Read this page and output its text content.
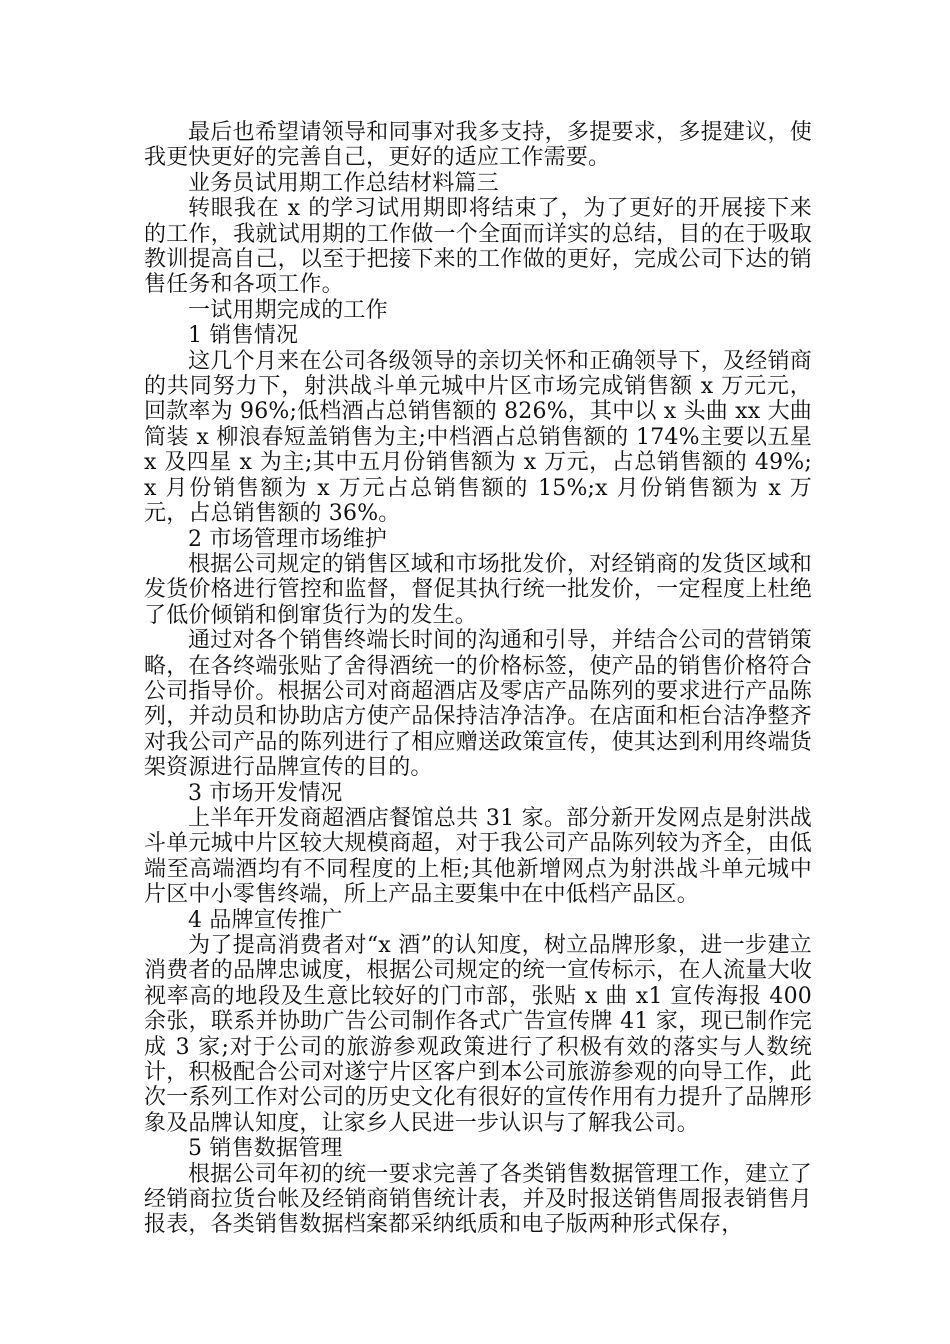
最后也希望请领导和同事对我多支持，多提要求，多提建议，使我更快更好的完善自己，更好的适应工作需要。

业务员试用期工作总结材料篇三

转眼我在 x 的学习试用期即将结束了，为了更好的开展接下来的工作，我就试用期的工作做一个全面而详实的总结，目的在于吸取教训提高自己，以至于把接下来的工作做的更好，完成公司下达的销售任务和各项工作。

一试用期完成的工作

1 销售情况

这几个月来在公司各级领导的亲切关怀和正确领导下，及经销商的共同努力下，射洪战斗单元城中片区市场完成销售额 x 万元元，回款率为 96%;低档酒占总销售额的 826%，其中以 x 头曲 xx 大曲简装 x 柳浪春短盖销售为主;中档酒占总销售额的 174%主要以五星 x 及四星 x 为主;其中五月份销售额为 x 万元，占总销售额的 49%;x 月份销售额为 x 万元占总销售额的 15%;x 月份销售额为 x 万元，占总销售额的 36%。

2 市场管理市场维护

根据公司规定的销售区域和市场批发价，对经销商的发货区域和发货价格进行管控和监督，督促其执行统一批发价，一定程度上杜绝了低价倾销和倒窜货行为的发生。

通过对各个销售终端长时间的沟通和引导，并结合公司的营销策略，在各终端张贴了舍得酒统一的价格标签，使产品的销售价格符合公司指导价。根据公司对商超酒店及零店产品陈列的要求进行产品陈列，并动员和协助店方使产品保持洁净洁净。在店面和柜台洁净整齐对我公司产品的陈列进行了相应赠送政策宣传，使其达到利用终端货架资源进行品牌宣传的目的。

3 市场开发情况

上半年开发商超酒店餐馆总共 31 家。部分新开发网点是射洪战斗单元城中片区较大规模商超，对于我公司产品陈列较为齐全，由低端至高端酒均有不同程度的上柜;其他新增网点为射洪战斗单元城中片区中小零售终端，所上产品主要集中在中低档产品区。

4 品牌宣传推广

为了提高消费者对“x 酒”的认知度，树立品牌形象，进一步建立消费者的品牌忠诚度，根据公司规定的统一宣传标示，在人流量大收视率高的地段及生意比较好的门市部，张贴 x 曲 x1 宣传海报 400 余张，联系并协助广告公司制作各式广告宣传牌 41 家，现已制作完成 3 家;对于公司的旅游参观政策进行了积极有效的落实与人数统计，积极配合公司对遂宁片区客户到本公司旅游参观的向导工作，此次一系列工作对公司的历史文化有很好的宣传作用有力提升了品牌形象及品牌认知度，让家乡人民进一步认识与了解我公司。

5 销售数据管理

根据公司年初的统一要求完善了各类销售数据管理工作，建立了经销商拉货台帐及经销商销售统计表，并及时报送销售周报表销售月报表，各类销售数据档案都采纳纸质和电子版两种形式保存，
